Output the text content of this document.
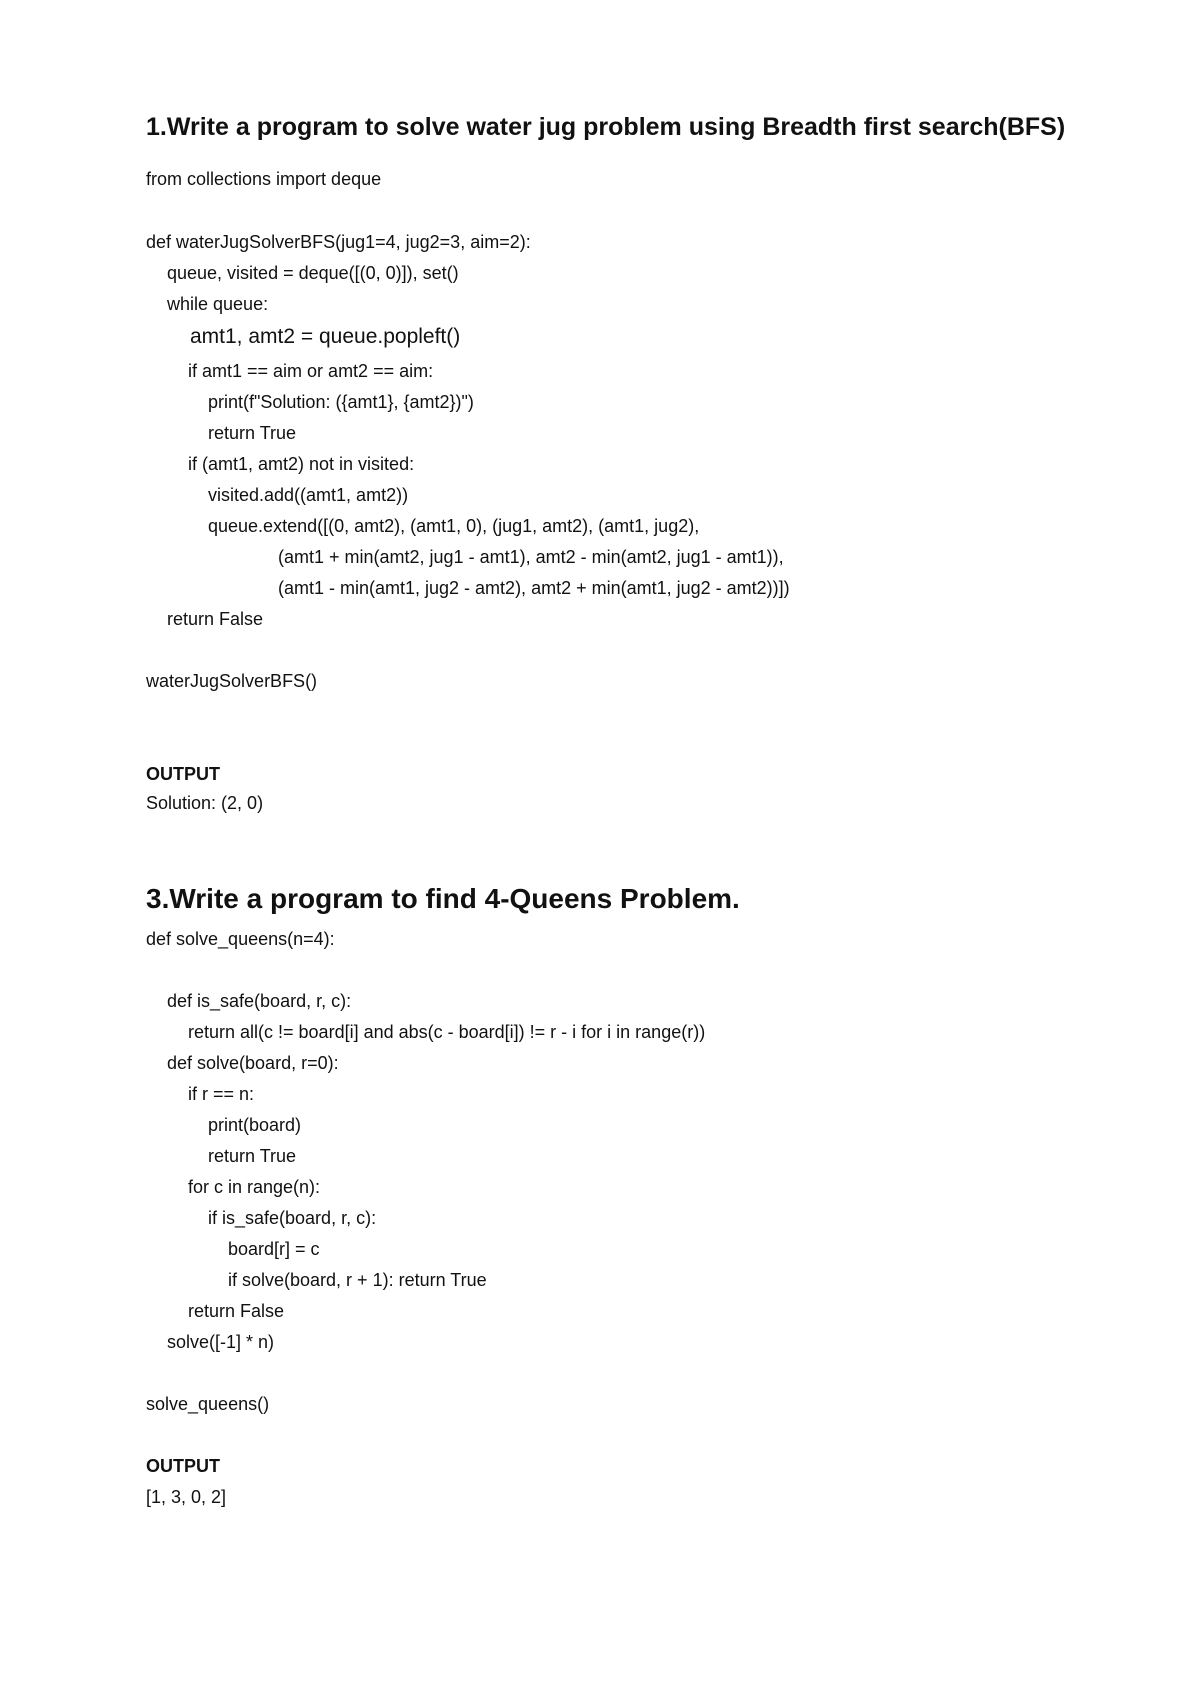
1.Write a program to solve water jug problem using Breadth first search(BFS)
from collections import deque
def waterJugSolverBFS(jug1=4, jug2=3, aim=2):
queue, visited = deque([(0, 0)]), set()
while queue:
amt1, amt2 = queue.popleft()
if amt1 == aim or amt2 == aim:
print(f"Solution: ({amt1}, {amt2})")
return True
if (amt1, amt2) not in visited:
visited.add((amt1, amt2))
queue.extend([(0, amt2), (amt1, 0), (jug1, amt2), (amt1, jug2),
(amt1 + min(amt2, jug1 - amt1), amt2 - min(amt2, jug1 - amt1)),
(amt1 - min(amt1, jug2 - amt2), amt2 + min(amt1, jug2 - amt2))])
return False
waterJugSolverBFS()
OUTPUT
Solution: (2, 0)
3.Write a program to find 4-Queens Problem.
def solve_queens(n=4):
def is_safe(board, r, c):
return all(c != board[i] and abs(c - board[i]) != r - i for i in range(r))
def solve(board, r=0):
if r == n:
print(board)
return True
for c in range(n):
if is_safe(board, r, c):
board[r] = c
if solve(board, r + 1): return True
return False
solve([-1] * n)
solve_queens()
OUTPUT
[1, 3, 0, 2]
